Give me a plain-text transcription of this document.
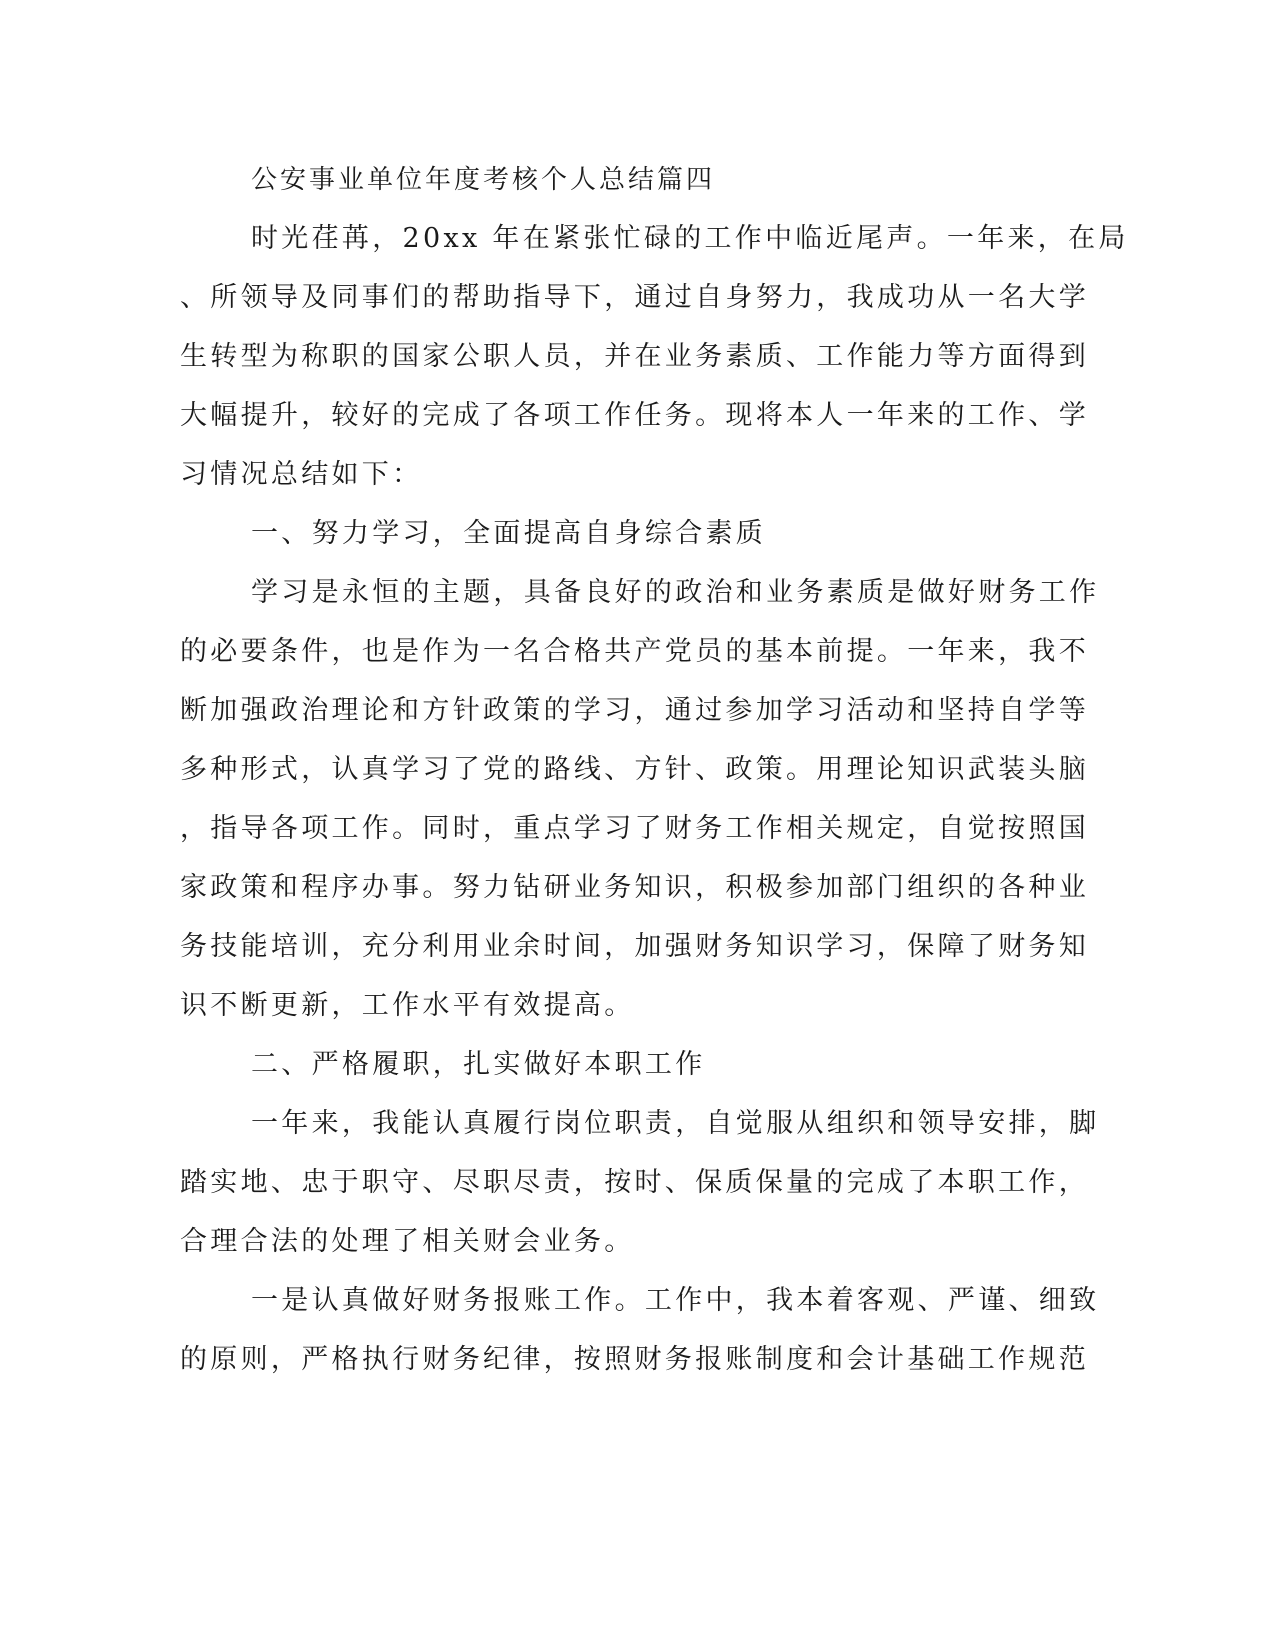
公安事业单位年度考核个人总结篇四

时光荏苒，20xx 年在紧张忙碌的工作中临近尾声。一年来，在局

、所领导及同事们的帮助指导下，通过自身努力，我成功从一名大学

生转型为称职的国家公职人员，并在业务素质、工作能力等方面得到

大幅提升，较好的完成了各项工作任务。现将本人一年来的工作、学

习情况总结如下：

一、努力学习，全面提高自身综合素质

学习是永恒的主题，具备良好的政治和业务素质是做好财务工作

的必要条件，也是作为一名合格共产党员的基本前提。一年来，我不

断加强政治理论和方针政策的学习，通过参加学习活动和坚持自学等

多种形式，认真学习了党的路线、方针、政策。用理论知识武装头脑

，指导各项工作。同时，重点学习了财务工作相关规定，自觉按照国

家政策和程序办事。努力钻研业务知识，积极参加部门组织的各种业

务技能培训，充分利用业余时间，加强财务知识学习，保障了财务知

识不断更新，工作水平有效提高。

二、严格履职，扎实做好本职工作

一年来，我能认真履行岗位职责，自觉服从组织和领导安排，脚

踏实地、忠于职守、尽职尽责，按时、保质保量的完成了本职工作，

合理合法的处理了相关财会业务。

一是认真做好财务报账工作。工作中，我本着客观、严谨、细致

的原则，严格执行财务纪律，按照财务报账制度和会计基础工作规范
